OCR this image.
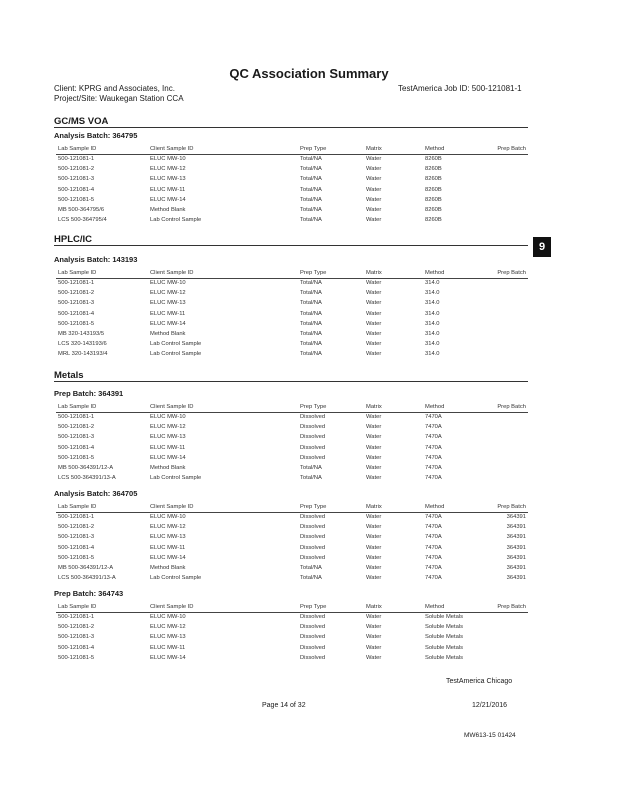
QC Association Summary
Client: KPRG and Associates, Inc.
Project/Site: Waukegan Station CCA
TestAmerica Job ID: 500-121081-1
9
GC/MS VOA
Analysis Batch: 364795
HPLC/IC
Analysis Batch: 143193
Metals
Prep Batch: 364391
Analysis Batch: 364705
Prep Batch: 364743
TestAmerica Chicago
Page 14 of 32	12/21/2016
MW613-15 01424
Lab Sample ID	Client Sample ID	Prep Type	Matrix	Method	Prep Batch
500-121081-1	ELUC MW-10	Total/NA	Water	8260B
500-121081-2	ELUC MW-12	Total/NA	Water	8260B
500-121081-3	ELUC MW-13	Total/NA	Water	8260B
500-121081-4	ELUC MW-11	Total/NA	Water	8260B
500-121081-5	ELUC MW-14	Total/NA	Water	8260B
MB 500-364795/6	Method Blank	Total/NA	Water	8260B
LCS 500-364795/4	Lab Control Sample	Total/NA	Water	8260B
Lab Sample ID	Client Sample ID	Prep Type	Matrix	Method	Prep Batch
500-121081-1	ELUC MW-10	Total/NA	Water	314.0
500-121081-2	ELUC MW-12	Total/NA	Water	314.0
500-121081-3	ELUC MW-13	Total/NA	Water	314.0
500-121081-4	ELUC MW-11	Total/NA	Water	314.0
500-121081-5	ELUC MW-14	Total/NA	Water	314.0
MB 320-143193/5	Method Blank	Total/NA	Water	314.0
LCS 320-143193/6	Lab Control Sample	Total/NA	Water	314.0
MRL 320-143193/4	Lab Control Sample	Total/NA	Water	314.0
Lab Sample ID	Client Sample ID	Prep Type	Matrix	Method	Prep Batch
500-121081-1	ELUC MW-10	Dissolved	Water	7470A
500-121081-2	ELUC MW-12	Dissolved	Water	7470A
500-121081-3	ELUC MW-13	Dissolved	Water	7470A
500-121081-4	ELUC MW-11	Dissolved	Water	7470A
500-121081-5	ELUC MW-14	Dissolved	Water	7470A
MB 500-364391/12-A	Method Blank	Total/NA	Water	7470A
LCS 500-364391/13-A	Lab Control Sample	Total/NA	Water	7470A
Lab Sample ID	Client Sample ID	Prep Type	Matrix	Method	Prep Batch
500-121081-1	ELUC MW-10	Dissolved	Water	7470A	364391
500-121081-2	ELUC MW-12	Dissolved	Water	7470A	364391
500-121081-3	ELUC MW-13	Dissolved	Water	7470A	364391
500-121081-4	ELUC MW-11	Dissolved	Water	7470A	364391
500-121081-5	ELUC MW-14	Dissolved	Water	7470A	364391
MB 500-364391/12-A	Method Blank	Total/NA	Water	7470A	364391
LCS 500-364391/13-A	Lab Control Sample	Total/NA	Water	7470A	364391
Lab Sample ID	Client Sample ID	Prep Type	Matrix	Method	Prep Batch
500-121081-1	ELUC MW-10	Dissolved	Water	Soluble Metals
500-121081-2	ELUC MW-12	Dissolved	Water	Soluble Metals
500-121081-3	ELUC MW-13	Dissolved	Water	Soluble Metals
500-121081-4	ELUC MW-11	Dissolved	Water	Soluble Metals
500-121081-5	ELUC MW-14	Dissolved	Water	Soluble Metals
